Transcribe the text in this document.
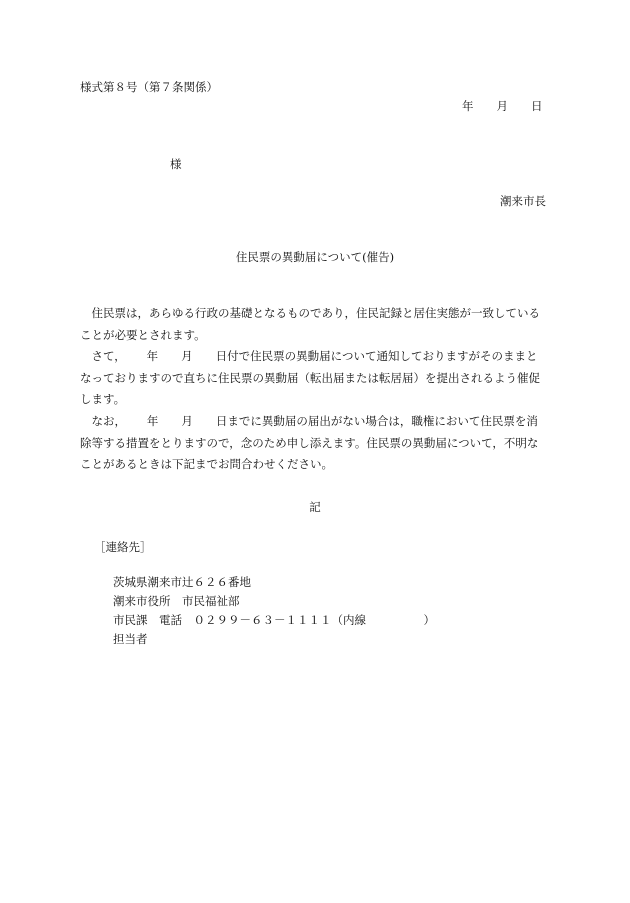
様式第８号（第７条関係）
年　　月　　日
様
潮来市長
住民票の異動届について(催告)
　住民票は，あらゆる行政の基礎となるものであり，住民記録と居住実態が一致している
ことが必要とされます。
　さて，　　 年　　月　　日付で住民票の異動届について通知しておりますがそのままと
なっておりますので直ちに住民票の異動届（転出届または転居届）を提出されるよう催促
します。
　なお，　　 年　　月　　日までに異動届の届出がない場合は，職権において住民票を消
除等する措置をとりますので，念のため申し添えます。住民票の異動届について，不明な
ことがあるときは下記までお問合わせください。
記
［連絡先］
茨城県潮来市辻６２６番地
潮来市役所　市民福祉部
市民課　電話　０２９９－６３－１１１１（内線　　　　　）
担当者
